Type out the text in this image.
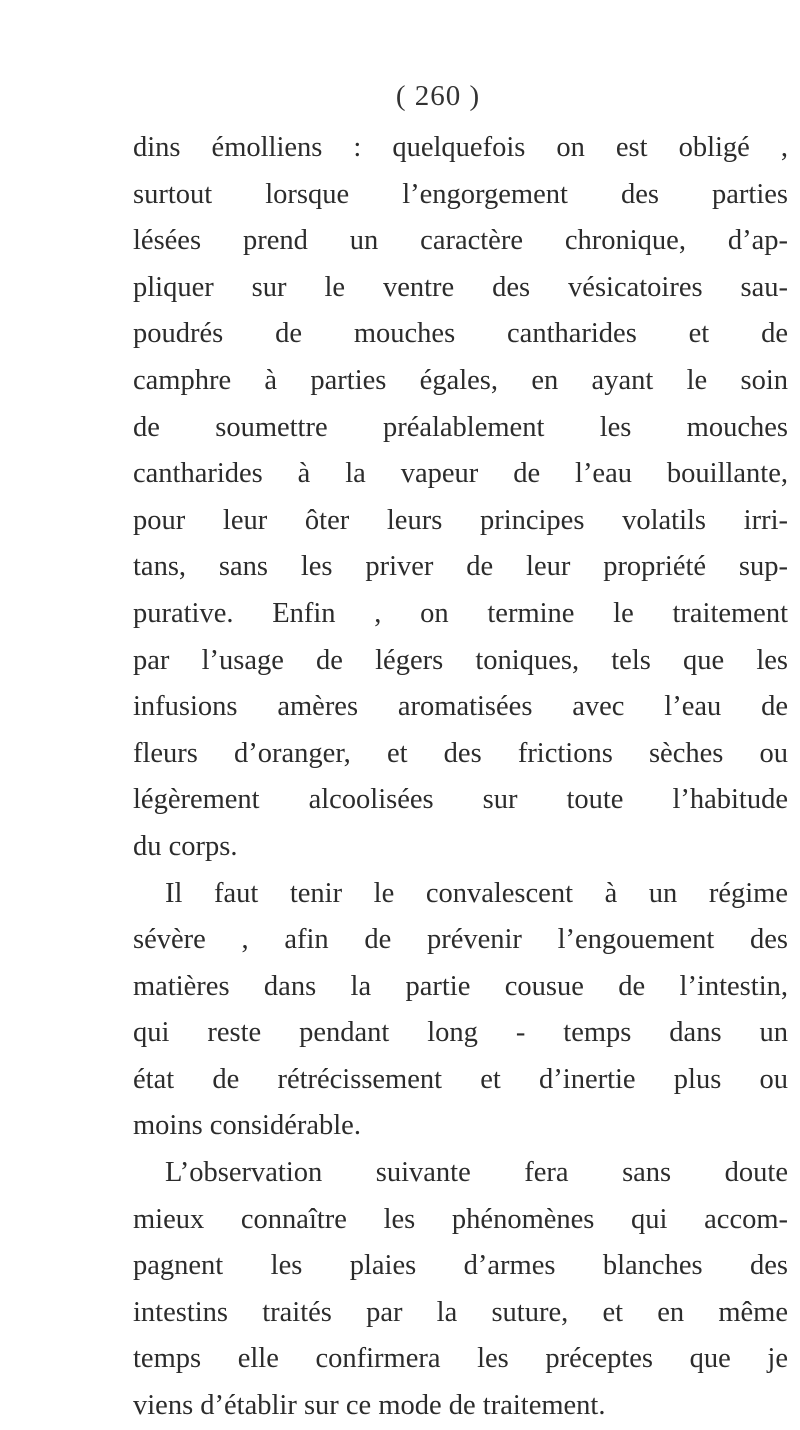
( 260 )
dins émolliens : quelquefois on est obligé ,
surtout lorsque l’engorgement des parties
lésées prend un caractère chronique, d’ap-
pliquer sur le ventre des vésicatoires sau-
poudrés de mouches cantharides et de
camphre à parties égales, en ayant le soin
de soumettre préalablement les mouches
cantharides à la vapeur de l’eau bouillante,
pour leur ôter leurs principes volatils irri-
tans, sans les priver de leur propriété sup-
purative. Enfin , on termine le traitement
par l’usage de légers toniques, tels que les
infusions amères aromatisées avec l’eau de
fleurs d’oranger, et des frictions sèches ou
légèrement alcoolisées sur toute l’habitude
du corps.
Il faut tenir le convalescent à un régime
sévère , afin de prévenir l’engouement des
matières dans la partie cousue de l’intestin,
qui reste pendant long - temps dans un
état de rétrécissement et d’inertie plus ou
moins considérable.
L’observation suivante fera sans doute
mieux connaître les phénomènes qui accom-
pagnent les plaies d’armes blanches des
intestins traités par la suture, et en même
temps elle confirmera les préceptes que je
viens d’établir sur ce mode de traitement.
